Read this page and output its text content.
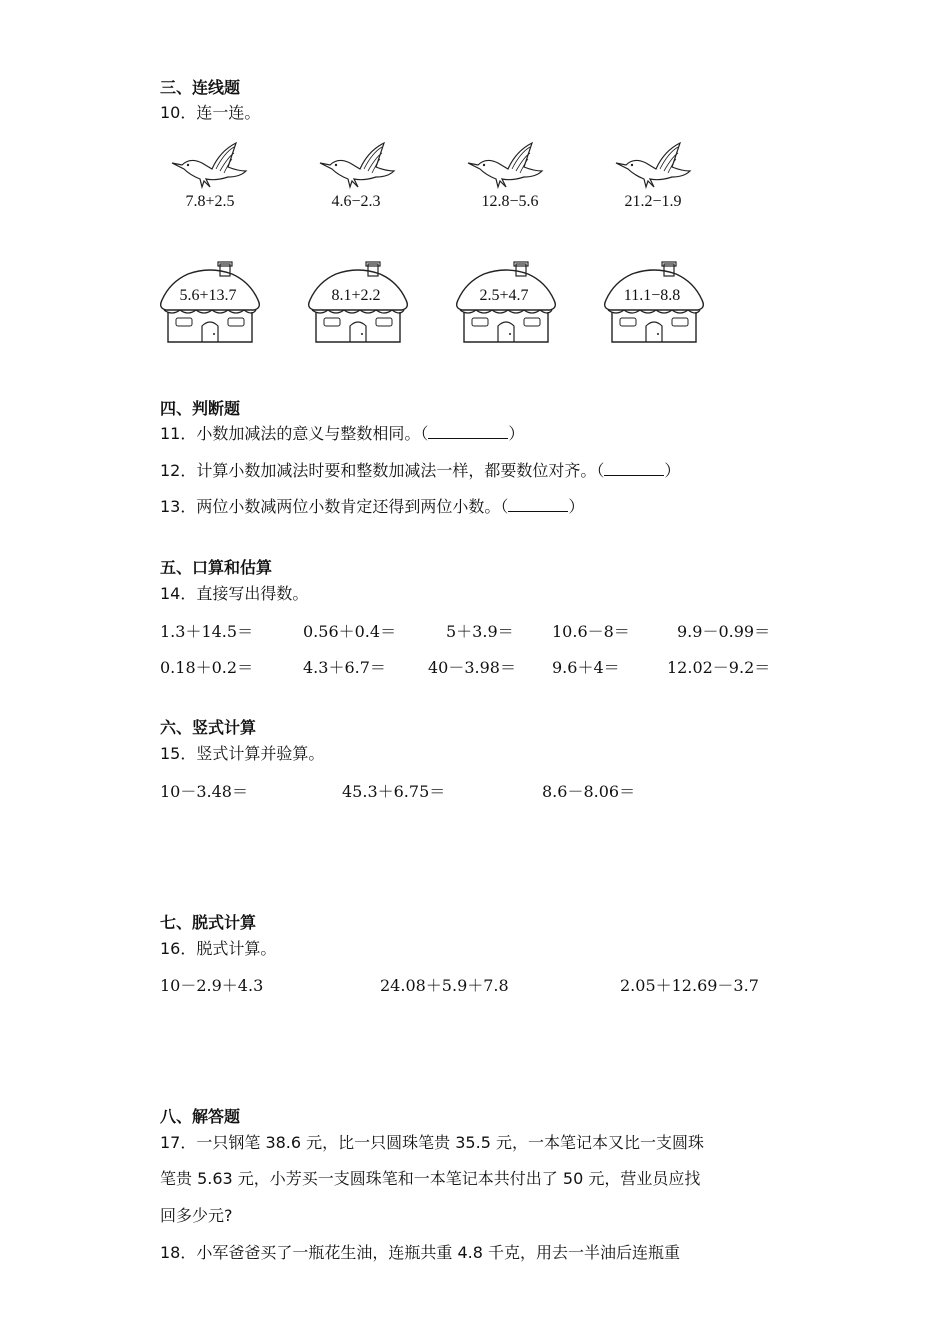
三、连线题
10．连一连。
7.8+2.5	4.6−2.3	12.8−5.6	21.2−1.9
5.6+13.7	8.1+2.2	2.5+4.7	11.1−8.8
四、判断题
11．小数加减法的意义与整数相同。（	）
12．计算小数加减法时要和整数加减法一样，都要数位对齐。（	）
13．两位小数减两位小数肯定还得到两位小数。（	）
五、口算和估算
14．直接写出得数。
1.3＋14.5＝	0.56＋0.4＝	5＋3.9＝ 10.6－8＝	9.9－0.99＝
0.18＋0.2＝	4.3＋6.7＝	40－3.98＝ 9.6＋4＝	12.02－9.2＝
六、竖式计算
15．竖式计算并验算。
10－3.48＝	45.3＋6.75＝	8.6－8.06＝
七、脱式计算
16．脱式计算。
10－2.9＋4.3	24.08＋5.9＋7.8	2.05＋12.69－3.7
八、解答题
17．一只钢笔 38.6 元，比一只圆珠笔贵 35.5 元，一本笔记本又比一支圆珠
笔贵 5.63 元，小芳买一支圆珠笔和一本笔记本共付出了 50 元，营业员应找
回多少元?
18．小军爸爸买了一瓶花生油，连瓶共重 4.8 千克，用去一半油后连瓶重
